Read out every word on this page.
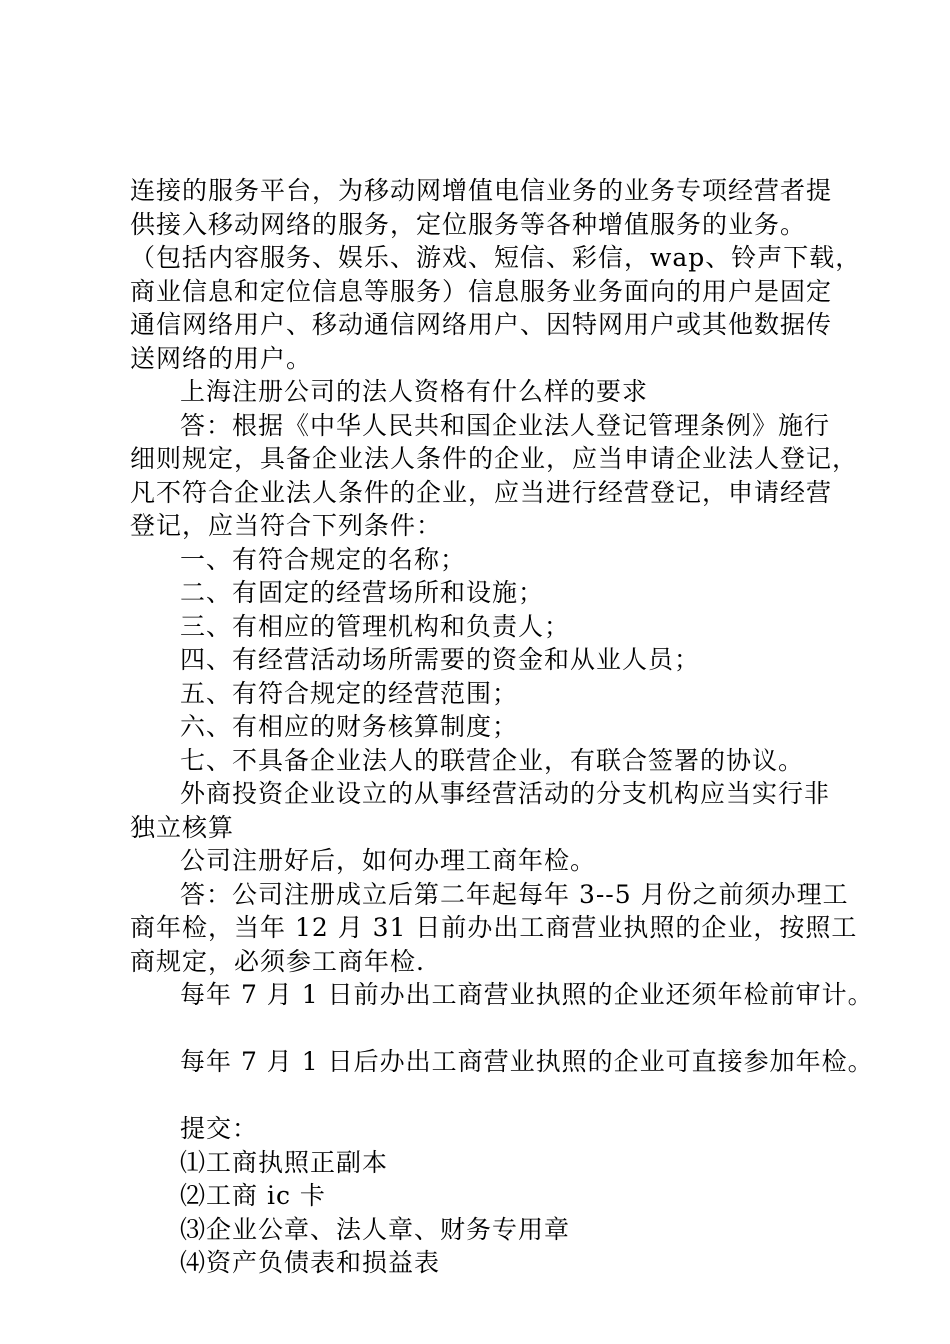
连接的服务平台，为移动网增值电信业务的业务专项经营者提
供接入移动网络的服务，定位服务等各种增值服务的业务。
（包括内容服务、娱乐、游戏、短信、彩信，wap、铃声下载，
商业信息和定位信息等服务）信息服务业务面向的用户是固定
通信网络用户、移动通信网络用户、因特网用户或其他数据传
送网络的用户。
上海注册公司的法人资格有什么样的要求
答：根据《中华人民共和国企业法人登记管理条例》施行
细则规定，具备企业法人条件的企业，应当申请企业法人登记，
凡不符合企业法人条件的企业，应当进行经营登记，申请经营
登记，应当符合下列条件：
一、有符合规定的名称；
二、有固定的经营场所和设施；
三、有相应的管理机构和负责人；
四、有经营活动场所需要的资金和从业人员；
五、有符合规定的经营范围；
六、有相应的财务核算制度；
七、不具备企业法人的联营企业，有联合签署的协议。
外商投资企业设立的从事经营活动的分支机构应当实行非
独立核算
公司注册好后，如何办理工商年检。
答：公司注册成立后第二年起每年 3--5 月份之前须办理工
商年检，当年 12 月 31 日前办出工商营业执照的企业，按照工
商规定，必须参工商年检.
每年 7 月 1 日前办出工商营业执照的企业还须年检前审计。
每年 7 月 1 日后办出工商营业执照的企业可直接参加年检。
提交：
⑴工商执照正副本
⑵工商 ic 卡
⑶企业公章、法人章、财务专用章
⑷资产负债表和损益表
